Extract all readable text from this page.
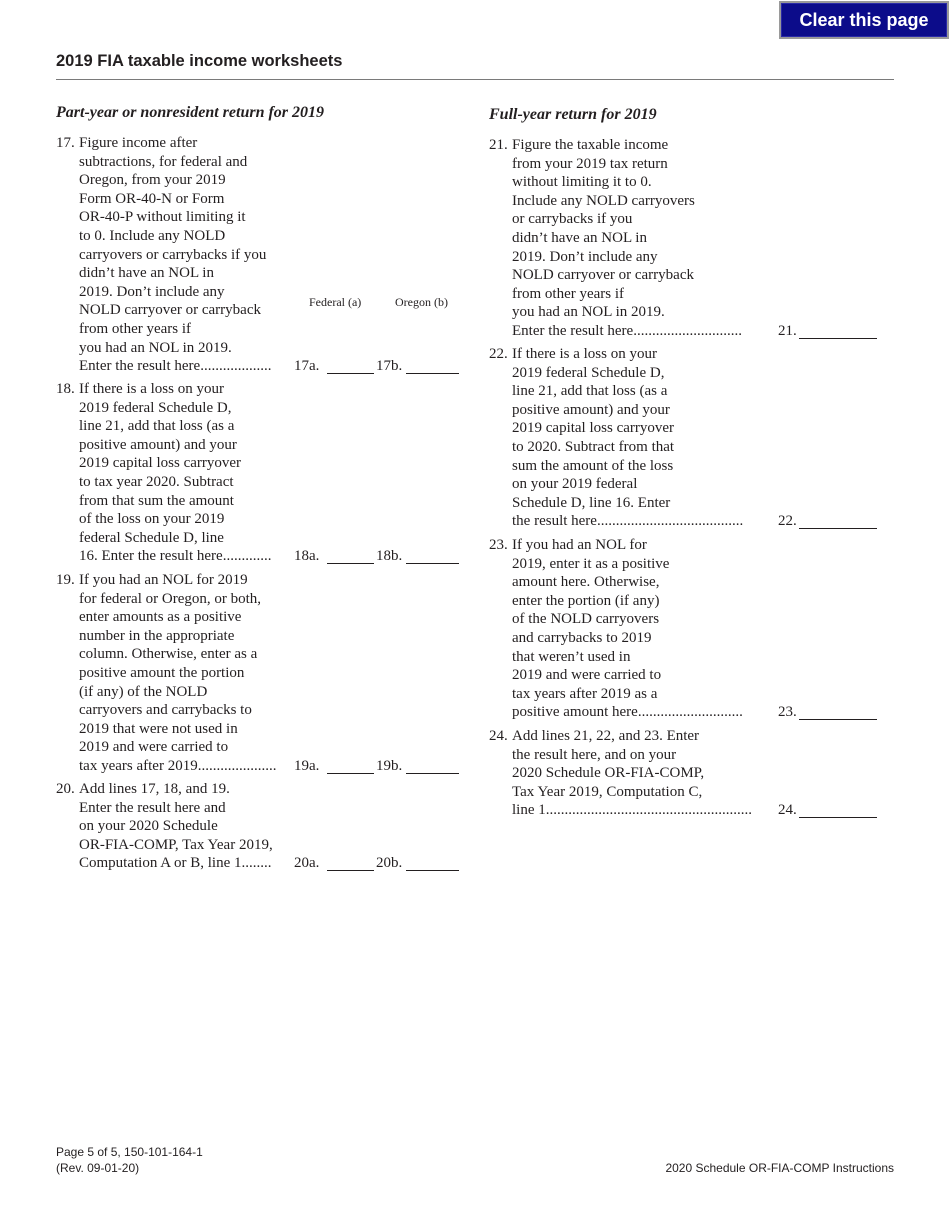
Clear this page
2019 FIA taxable income worksheets
Part-year or nonresident return for 2019	Full-year return for 2019
Federal (a)	Oregon (b)
17. Figure income after
subtractions, for federal and
Oregon, from your 2019
Form OR-40-N or Form
OR-40-P without limiting it
to 0. Include any NOLD
carryovers or carrybacks if you
didn’t have an NOL in
2019. Don’t include any
NOLD carryover or carryback
from other years if
you had an NOL in 2019.
Enter the result here...................	17a.	17b.
18. If there is a loss on your
2019 federal Schedule D,
line 21, add that loss (as a
positive amount) and your
2019 capital loss carryover
to tax year 2020. Subtract
from that sum the amount
of the loss on your 2019
federal Schedule D, line
16. Enter the result here.............	18a.	18b.
19. If you had an NOL for 2019
for federal or Oregon, or both,
enter amounts as a positive
number in the appropriate
column. Otherwise, enter as a
positive amount the portion
(if any) of the NOLD
carryovers and carrybacks to
2019 that were not used in
2019 and were carried to
tax years after 2019.....................	19a.	19b.
20. Add lines 17, 18, and 19.
Enter the result here and
on your 2020 Schedule
OR-FIA-COMP, Tax Year 2019,
Computation A or B, line 1........	20a.	20b.
21. Figure the taxable income
from your 2019 tax return
without limiting it to 0.
Include any NOLD carryovers
or carrybacks if you
didn’t have an NOL in
2019. Don’t include any
NOLD carryover or carryback
from other years if
you had an NOL in 2019.
Enter the result here.............................	21.
22. If there is a loss on your
2019 federal Schedule D,
line 21, add that loss (as a
positive amount) and your
2019 capital loss carryover
to 2020. Subtract from that
sum the amount of the loss
on your 2019 federal
Schedule D, line 16. Enter
the result here.......................................	22.
23. If you had an NOL for
2019, enter it as a positive
amount here. Otherwise,
enter the portion (if any)
of the NOLD carryovers
and carrybacks to 2019
that weren’t used in
2019 and were carried to
tax years after 2019 as a
positive amount here............................	23.
24. Add lines 21, 22, and 23. Enter
the result here, and on your
2020 Schedule OR-FIA-COMP,
Tax Year 2019, Computation C,
line 1.......................................................	24.
Page 5 of 5, 150-101-164-1
(Rev. 09-01-20)	2020 Schedule OR-FIA-COMP Instructions
